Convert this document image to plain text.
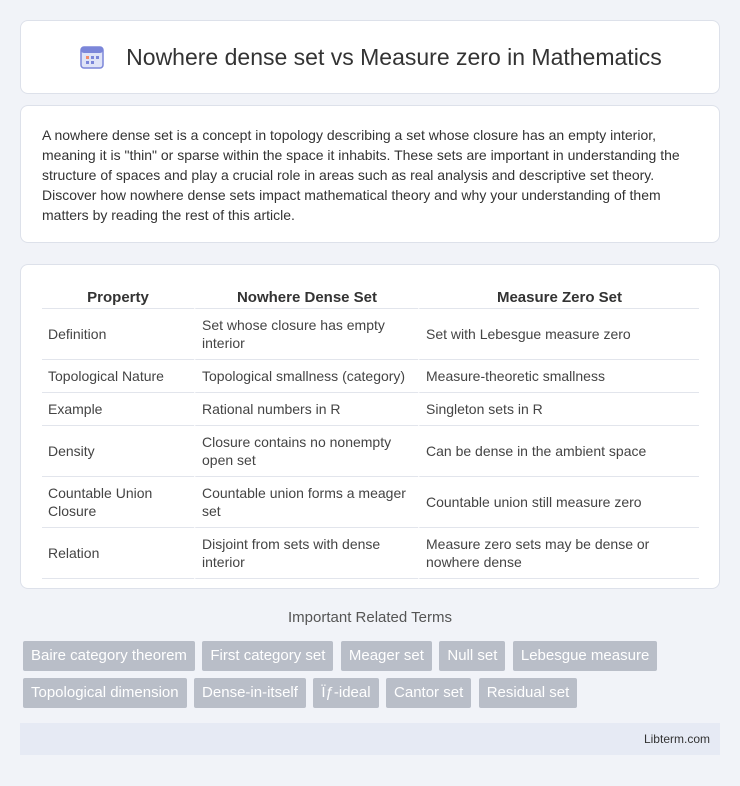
Nowhere dense set vs Measure zero in Mathematics

A nowhere dense set is a concept in topology describing a set whose closure has an empty interior, meaning it is "thin" or sparse within the space it inhabits. These sets are important in understanding the structure of spaces and play a crucial role in areas such as real analysis and descriptive set theory. Discover how nowhere dense sets impact mathematical theory and why your understanding of them matters by reading the rest of this article.

Property	Nowhere Dense Set	Measure Zero Set
Definition	Set whose closure has empty interior	Set with Lebesgue measure zero
Topological Nature	Topological smallness (category)	Measure-theoretic smallness
Example	Rational numbers in R	Singleton sets in R
Density	Closure contains no nonempty open set	Can be dense in the ambient space
Countable Union Closure	Countable union forms a meager set	Countable union still measure zero
Relation	Disjoint from sets with dense interior	Measure zero sets may be dense or nowhere dense
Important Related Terms
Baire category theorem First category set Meager set Null set Lebesgue measure Topological dimension Dense-in-itself Ïƒ-ideal Cantor set Residual set
Libterm.com
